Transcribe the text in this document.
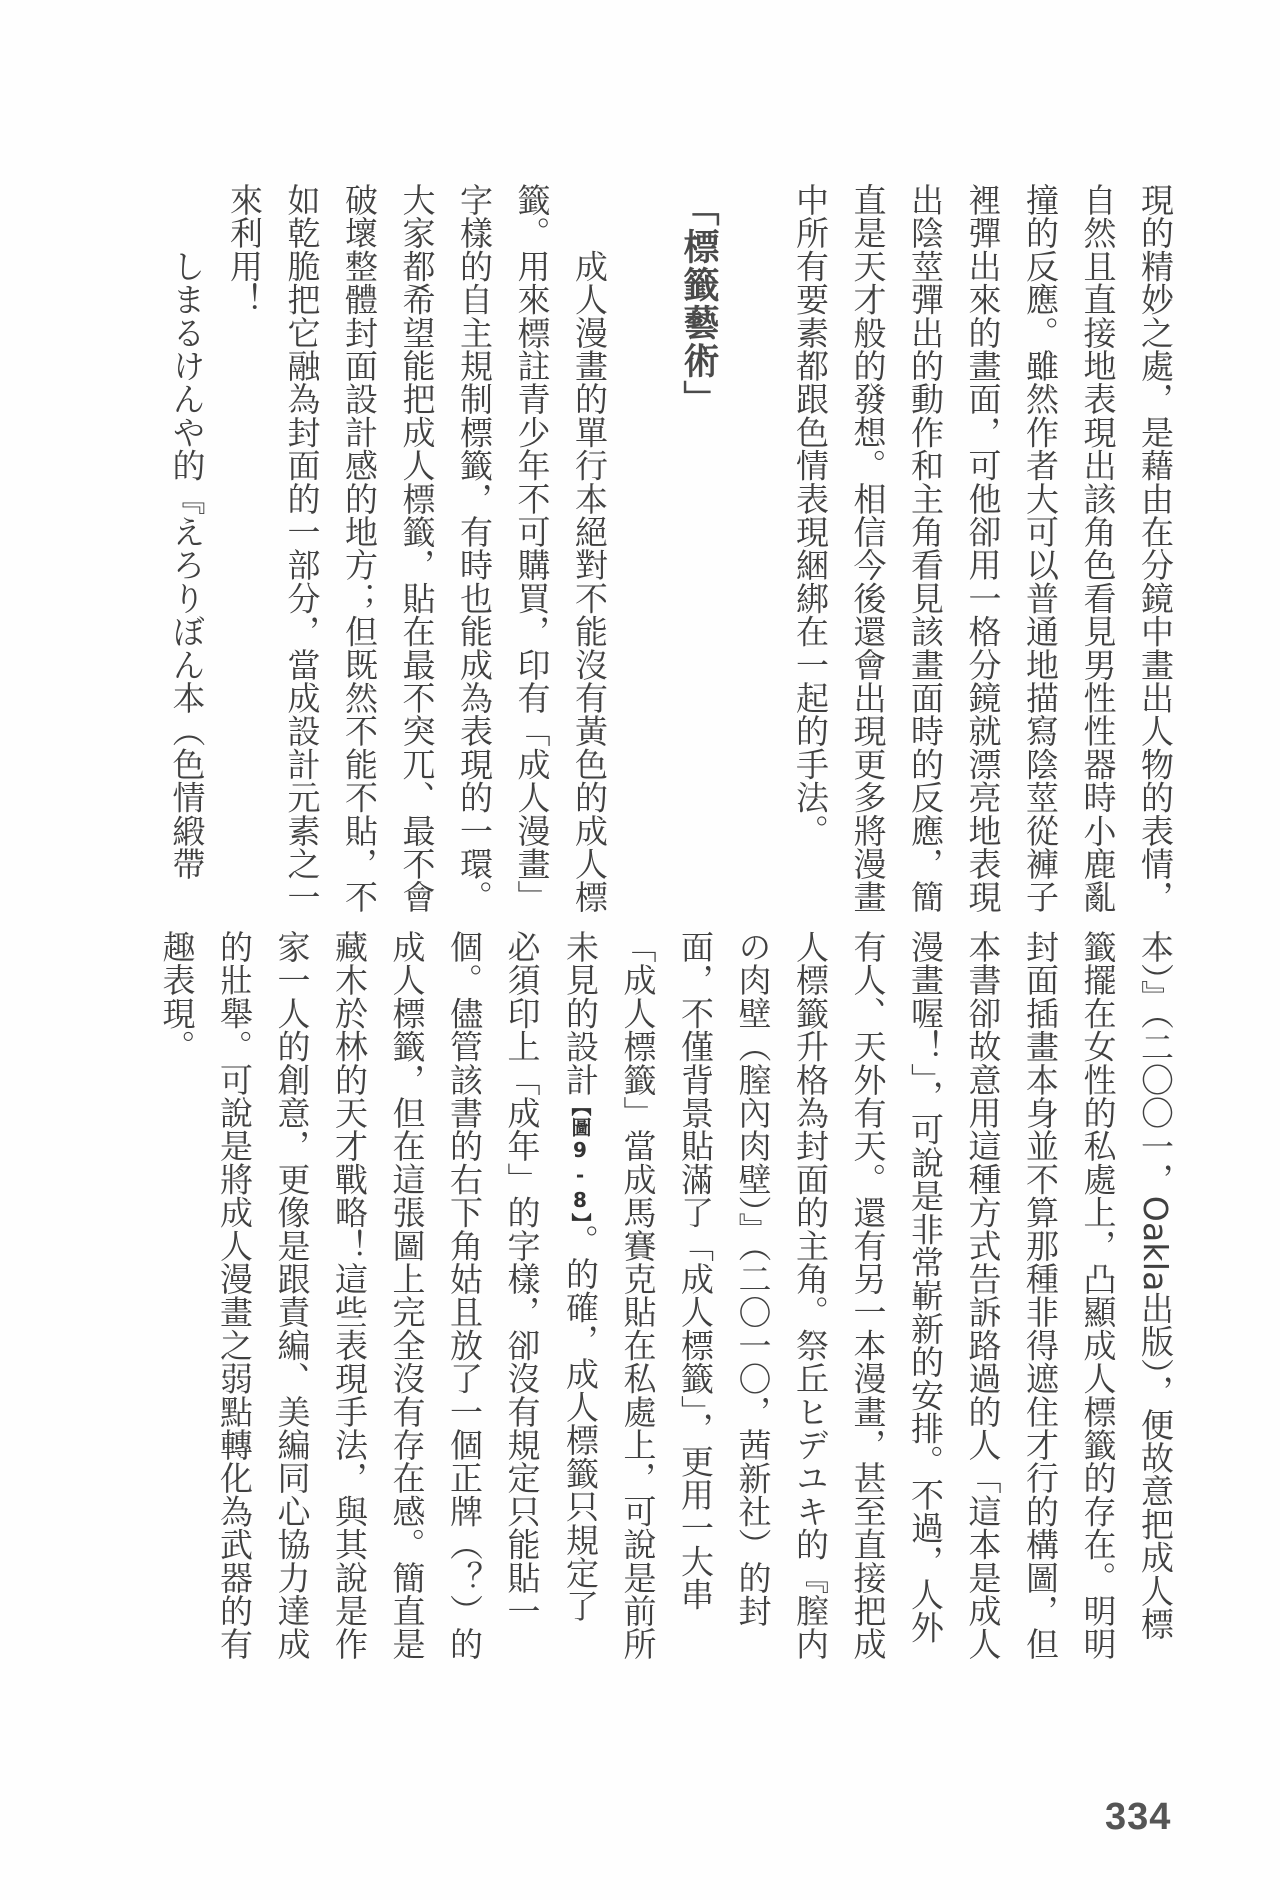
現的精妙之處，是藉由在分鏡中畫出人物的表情，
自然且直接地表現出該角色看見男性性器時小鹿亂
撞的反應。雖然作者大可以普通地描寫陰莖從褲子
裡彈出來的畫面，可他卻用一格分鏡就漂亮地表現
出陰莖彈出的動作和主角看見該畫面時的反應，簡
直是天才般的發想。相信今後還會出現更多將漫畫
中所有要素都跟色情表現綑綁在一起的手法。
「標籤藝術」
　　成人漫畫的單行本絕對不能沒有黃色的成人標
籤。用來標註青少年不可購買，印有「成人漫畫」
字樣的自主規制標籤，有時也能成為表現的一環。
大家都希望能把成人標籤，貼在最不突兀、最不會
破壞整體封面設計感的地方；但既然不能不貼，不
如乾脆把它融為封面的一部分，當成設計元素之一
來利用！
　　しまるけんや的『えろりぼん本（色情緞帶
本）』（二〇〇一，Oakla出版），便故意把成人標
籤擺在女性的私處上，凸顯成人標籤的存在。明明
封面插畫本身並不算那種非得遮住才行的構圖，但
本書卻故意用這種方式告訴路過的人「這本是成人
漫畫喔！」，可說是非常嶄新的安排。不過，人外
有人、天外有天。還有另一本漫畫，甚至直接把成
人標籤升格為封面的主角。祭丘ヒデユキ的『膣内
の肉壁（膣內肉壁）』（二〇一〇，茜新社）的封
面，不僅背景貼滿了「成人標籤」，更用一大串
「成人標籤」當成馬賽克貼在私處上，可說是前所
未見的設計【圖9-8】。的確，成人標籤只規定了
必須印上「成年」的字樣，卻沒有規定只能貼一
個。儘管該書的右下角姑且放了一個正牌（？）的
成人標籤，但在這張圖上完全沒有存在感。簡直是
藏木於林的天才戰略！這些表現手法，與其說是作
家一人的創意，更像是跟責編、美編同心協力達成
的壯舉。可說是將成人漫畫之弱點轉化為武器的有
趣表現。
334
